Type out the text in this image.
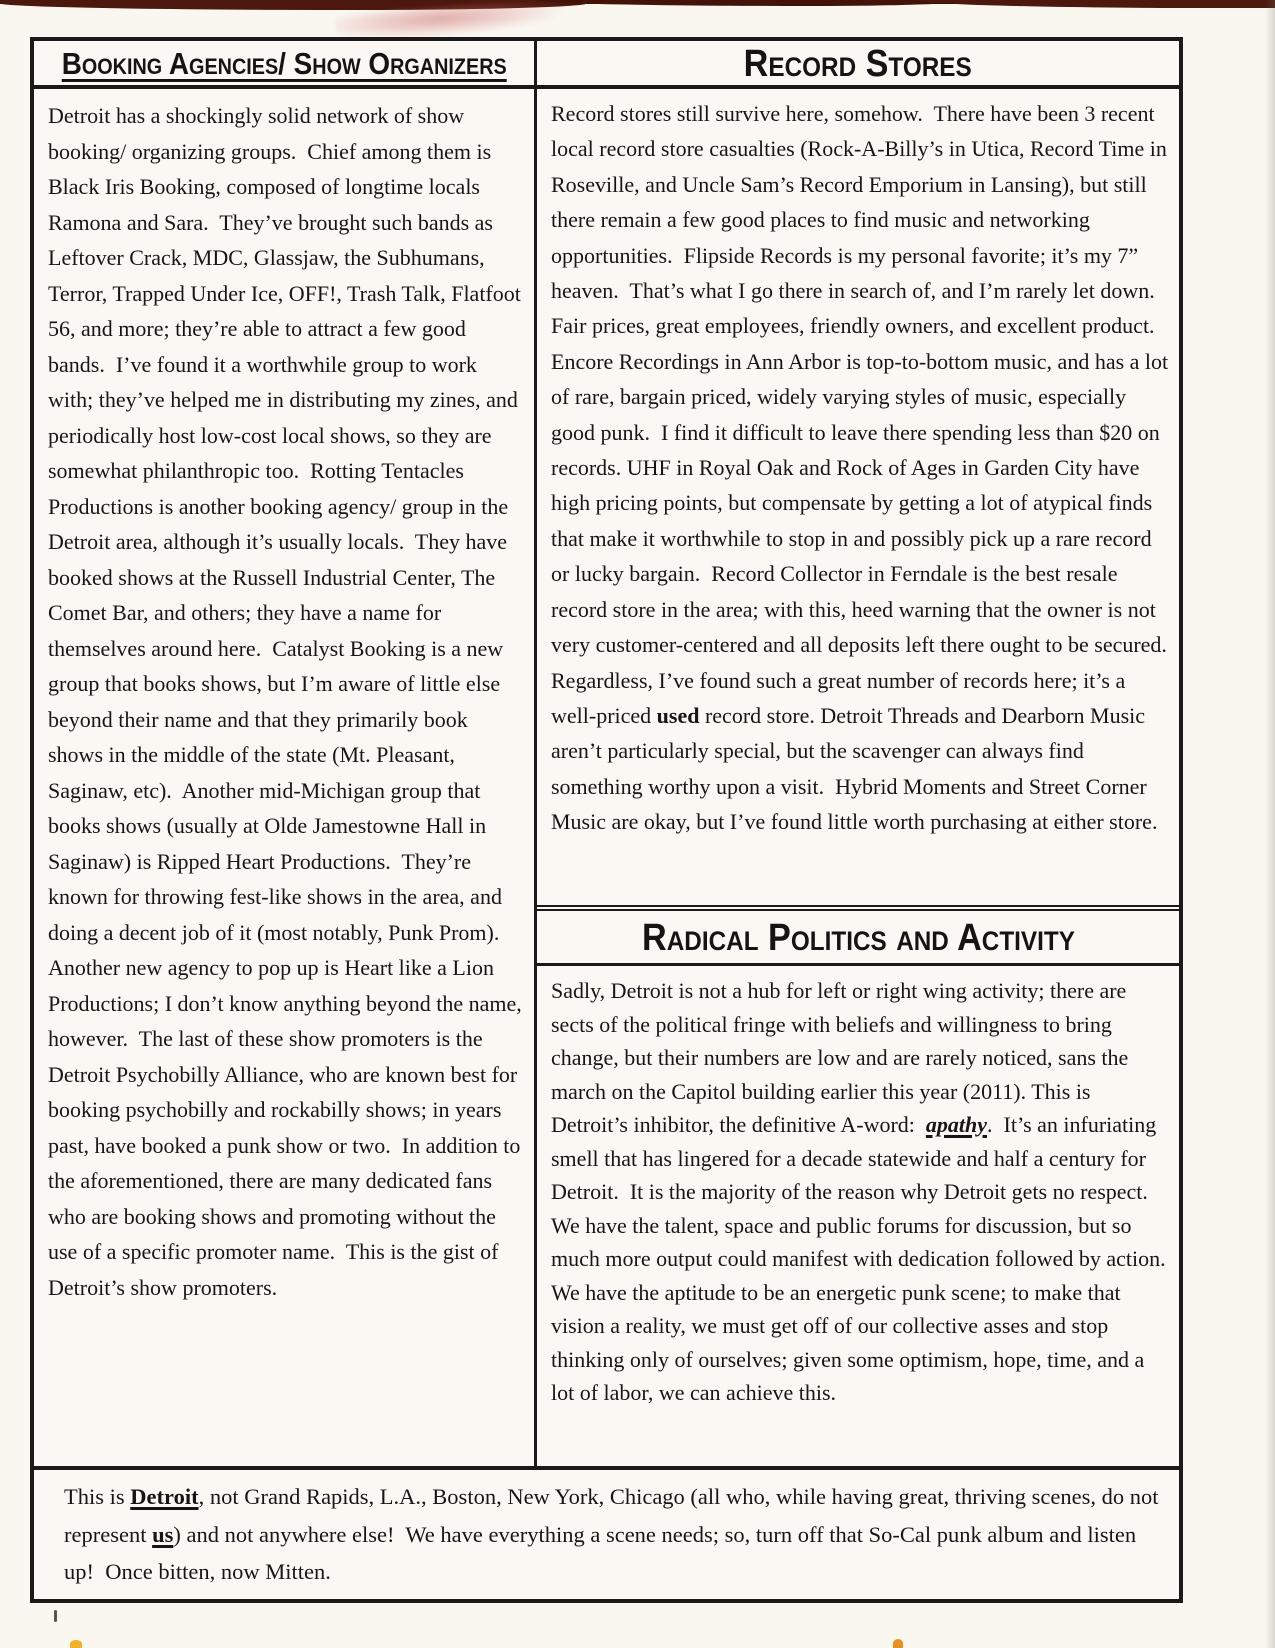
Booking Agencies/ Show Organizers
Detroit has a shockingly solid network of show booking/ organizing groups.  Chief among them is Black Iris Booking, composed of longtime locals Ramona and Sara.  They’ve brought such bands as Leftover Crack, MDC, Glassjaw, the Subhumans, Terror, Trapped Under Ice, OFF!, Trash Talk, Flatfoot 56, and more; they’re able to attract a few good bands.  I’ve found it a worthwhile group to work with; they’ve helped me in distributing my zines, and periodically host low-cost local shows, so they are somewhat philanthropic too.  Rotting Tentacles Productions is another booking agency/ group in the Detroit area, although it’s usually locals.  They have booked shows at the Russell Industrial Center, The Comet Bar, and others; they have a name for themselves around here.  Catalyst Booking is a new group that books shows, but I’m aware of little else beyond their name and that they primarily book shows in the middle of the state (Mt. Pleasant, Saginaw, etc).  Another mid-Michigan group that books shows (usually at Olde Jamestowne Hall in Saginaw) is Ripped Heart Productions.  They’re known for throwing fest-like shows in the area, and doing a decent job of it (most notably, Punk Prom).  Another new agency to pop up is Heart like a Lion Productions; I don’t know anything beyond the name, however.  The last of these show promoters is the Detroit Psychobilly Alliance, who are known best for booking psychobilly and rockabilly shows; in years past, have booked a punk show or two.  In addition to the aforementioned, there are many dedicated fans who are booking shows and promoting without the use of a specific promoter name.  This is the gist of Detroit’s show promoters.
Record Stores
Record stores still survive here, somehow.  There have been 3 recent local record store casualties (Rock-A-Billy’s in Utica, Record Time in Roseville, and Uncle Sam’s Record Emporium in Lansing), but still there remain a few good places to find music and networking opportunities.  Flipside Records is my personal favorite; it’s my 7” heaven.  That’s what I go there in search of, and I’m rarely let down. Fair prices, great employees, friendly owners, and excellent product.  Encore Recordings in Ann Arbor is top-to-bottom music, and has a lot of rare, bargain priced, widely varying styles of music, especially good punk.  I find it difficult to leave there spending less than $20 on records. UHF in Royal Oak and Rock of Ages in Garden City have high pricing points, but compensate by getting a lot of atypical finds that make it worthwhile to stop in and possibly pick up a rare record or lucky bargain.  Record Collector in Ferndale is the best resale record store in the area; with this, heed warning that the owner is not very customer-centered and all deposits left there ought to be secured.  Regardless, I’ve found such a great number of records here; it’s a well-priced used record store. Detroit Threads and Dearborn Music aren’t particularly special, but the scavenger can always find something worthy upon a visit.  Hybrid Moments and Street Corner Music are okay, but I’ve found little worth purchasing at either store.
Radical Politics and Activity
Sadly, Detroit is not a hub for left or right wing activity; there are sects of the political fringe with beliefs and willingness to bring change, but their numbers are low and are rarely noticed, sans the march on the Capitol building earlier this year (2011). This is Detroit’s inhibitor, the definitive A-word:  apathy.  It’s an infuriating smell that has lingered for a decade statewide and half a century for Detroit.  It is the majority of the reason why Detroit gets no respect.  We have the talent, space and public forums for discussion, but so much more output could manifest with dedication followed by action.  We have the aptitude to be an energetic punk scene; to make that vision a reality, we must get off of our collective asses and stop thinking only of ourselves; given some optimism, hope, time, and a lot of labor, we can achieve this.
This is Detroit, not Grand Rapids, L.A., Boston, New York, Chicago (all who, while having great, thriving scenes, do not represent us) and not anywhere else!  We have everything a scene needs; so, turn off that So-Cal punk album and listen up!  Once bitten, now Mitten.
